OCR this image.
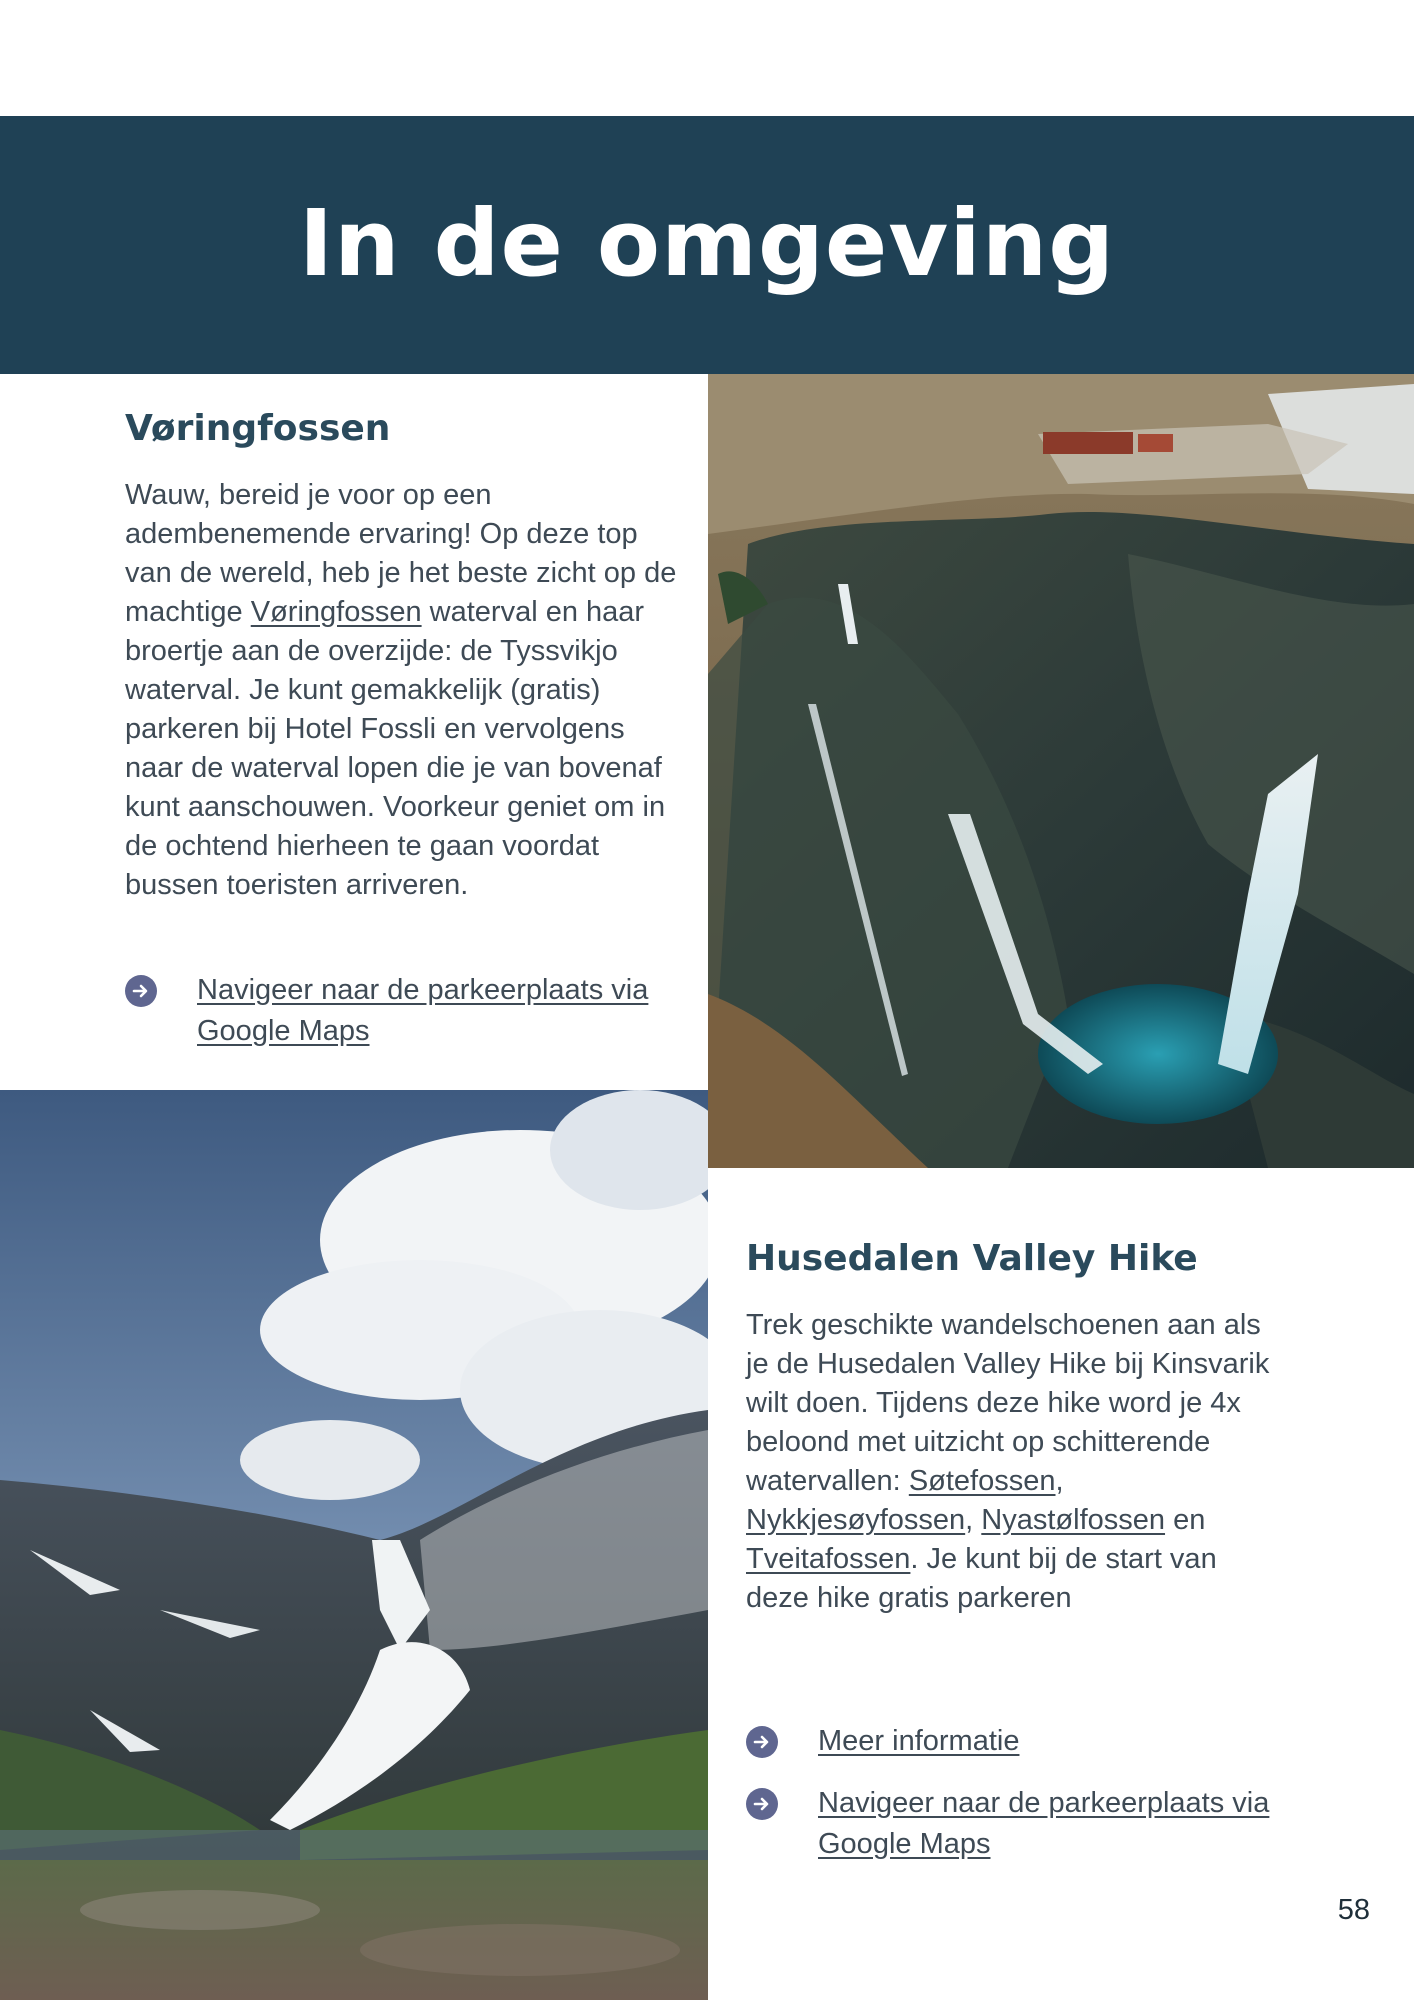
In de omgeving
Vøringfossen

Wauw, bereid je voor op een adembenemende ervaring! Op deze top van de wereld, heb je het beste zicht op de machtige Vøringfossen waterval en haar broertje aan de overzijde: de Tyssvikjo waterval. Je kunt gemakkelijk (gratis) parkeren bij Hotel Fossli en vervolgens naar de waterval lopen die je van bovenaf kunt aanschouwen. Voorkeur geniet om in de ochtend hierheen te gaan voordat bussen toeristen arriveren.

Navigeer naar de parkeerplaats via Google Maps
Husedalen Valley Hike

Trek geschikte wandelschoenen aan als je de Husedalen Valley Hike bij Kinsvarik wilt doen. Tijdens deze hike word je 4x beloond met uitzicht op schitterende watervallen: Søtefossen, Nykkjesøyfossen, Nyastølfossen en Tveitafossen. Je kunt bij de start van deze hike gratis parkeren

Meer informatie
Navigeer naar de parkeerplaats via Google Maps
58
